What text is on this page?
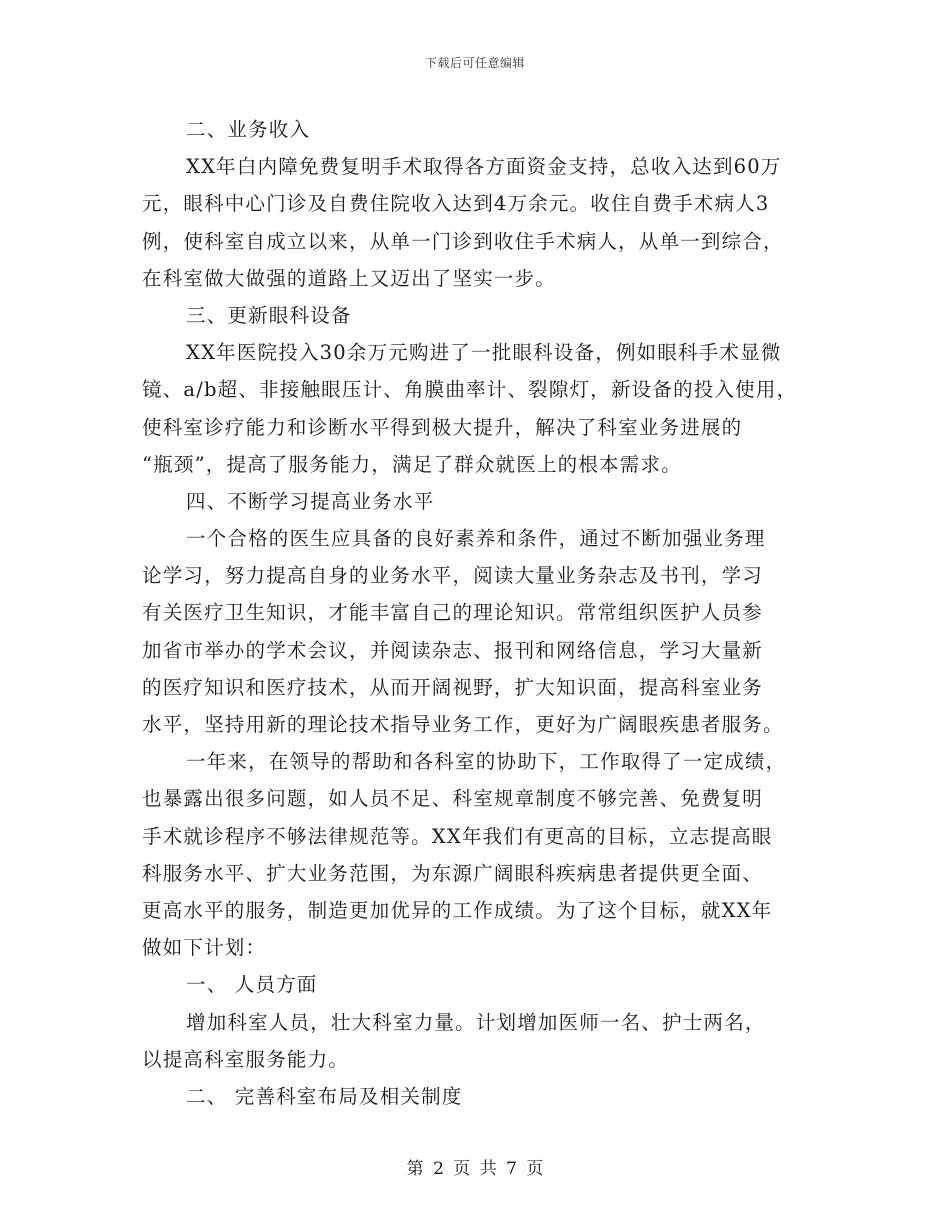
下载后可任意编辑
二、业务收入
XX年白内障免费复明手术取得各方面资金支持，总收入达到60万
元，眼科中心门诊及自费住院收入达到4万余元。收住自费手术病人3
例，使科室自成立以来，从单一门诊到收住手术病人，从单一到综合，
在科室做大做强的道路上又迈出了坚实一步。
三、更新眼科设备
XX年医院投入30余万元购进了一批眼科设备，例如眼科手术显微
镜、a/b超、非接触眼压计、角膜曲率计、裂隙灯，新设备的投入使用，
使科室诊疗能力和诊断水平得到极大提升，解决了科室业务进展的
“瓶颈”，提高了服务能力，满足了群众就医上的根本需求。
四、不断学习提高业务水平
一个合格的医生应具备的良好素养和条件，通过不断加强业务理
论学习，努力提高自身的业务水平，阅读大量业务杂志及书刊，学习
有关医疗卫生知识，才能丰富自己的理论知识。常常组织医护人员参
加省市举办的学术会议，并阅读杂志、报刊和网络信息，学习大量新
的医疗知识和医疗技术，从而开阔视野，扩大知识面，提高科室业务
水平，坚持用新的理论技术指导业务工作，更好为广阔眼疾患者服务。
一年来，在领导的帮助和各科室的协助下，工作取得了一定成绩，
也暴露出很多问题，如人员不足、科室规章制度不够完善、免费复明
手术就诊程序不够法律规范等。XX年我们有更高的目标，立志提高眼
科服务水平、扩大业务范围，为东源广阔眼科疾病患者提供更全面、
更高水平的服务，制造更加优异的工作成绩。为了这个目标，就XX年
做如下计划：
一、 人员方面
增加科室人员，壮大科室力量。计划增加医师一名、护士两名，
以提高科室服务能力。
二、 完善科室布局及相关制度
第 2 页 共 7 页
